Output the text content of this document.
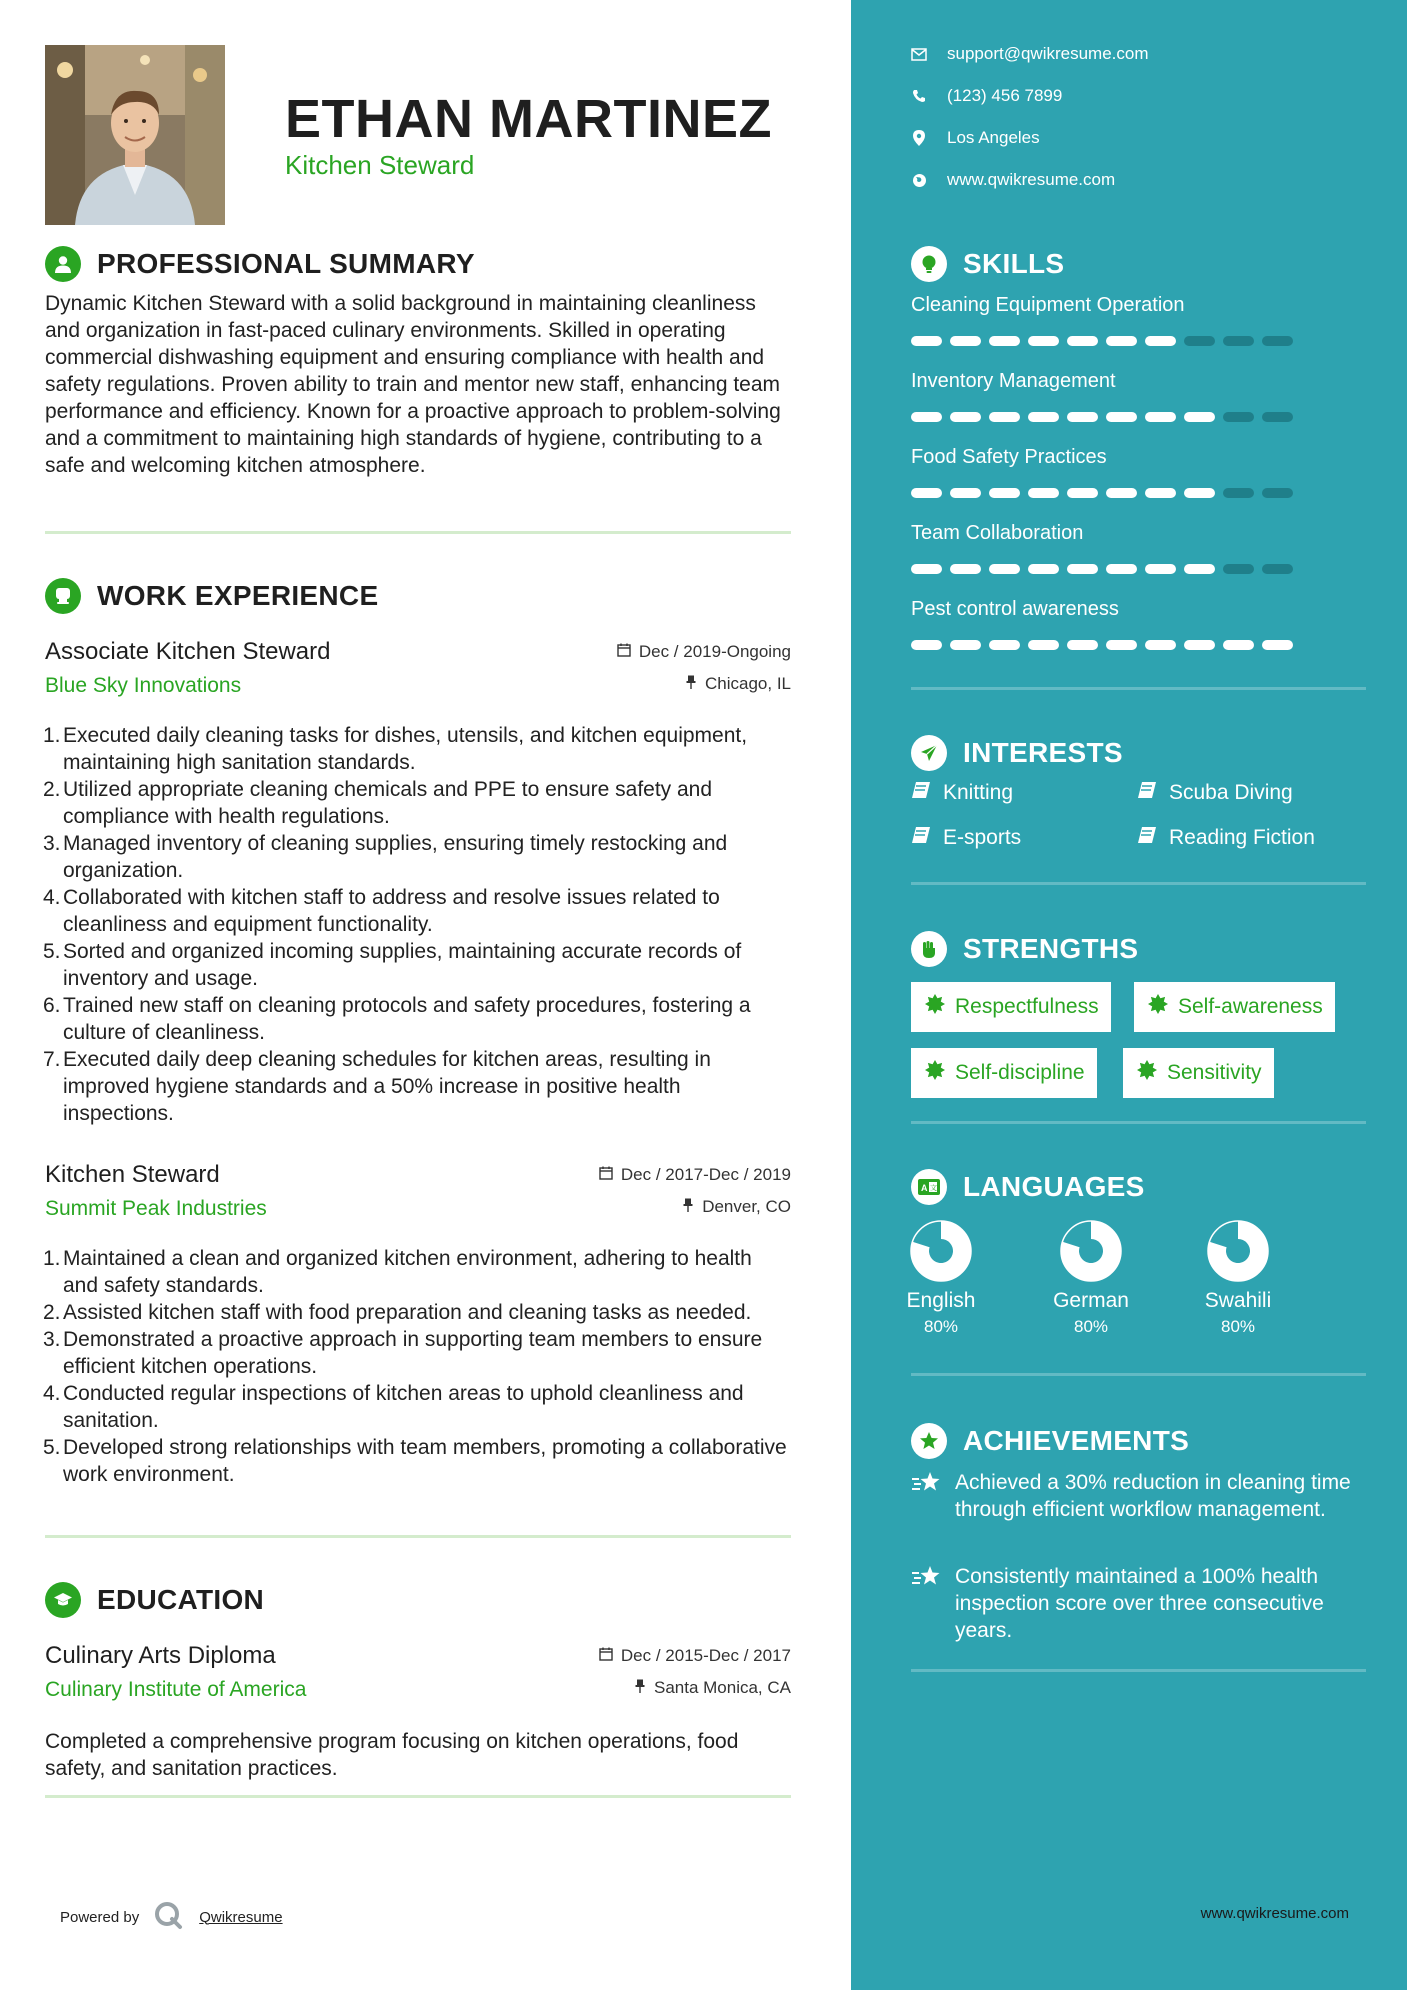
ETHAN MARTINEZ
Kitchen Steward
PROFESSIONAL SUMMARY
Dynamic Kitchen Steward with a solid background in maintaining cleanliness and organization in fast-paced culinary environments. Skilled in operating commercial dishwashing equipment and ensuring compliance with health and safety regulations. Proven ability to train and mentor new staff, enhancing team performance and efficiency. Known for a proactive approach to problem-solving and a commitment to maintaining high standards of hygiene, contributing to a safe and welcoming kitchen atmosphere.
WORK EXPERIENCE
Associate Kitchen Steward
Blue Sky Innovations
Dec / 2019-Ongoing
Chicago, IL
1. Executed daily cleaning tasks for dishes, utensils, and kitchen equipment, maintaining high sanitation standards.
2. Utilized appropriate cleaning chemicals and PPE to ensure safety and compliance with health regulations.
3. Managed inventory of cleaning supplies, ensuring timely restocking and organization.
4. Collaborated with kitchen staff to address and resolve issues related to cleanliness and equipment functionality.
5. Sorted and organized incoming supplies, maintaining accurate records of inventory and usage.
6. Trained new staff on cleaning protocols and safety procedures, fostering a culture of cleanliness.
7. Executed daily deep cleaning schedules for kitchen areas, resulting in improved hygiene standards and a 50% increase in positive health inspections.
Kitchen Steward
Summit Peak Industries
Dec / 2017-Dec / 2019
Denver, CO
1. Maintained a clean and organized kitchen environment, adhering to health and safety standards.
2. Assisted kitchen staff with food preparation and cleaning tasks as needed.
3. Demonstrated a proactive approach in supporting team members to ensure efficient kitchen operations.
4. Conducted regular inspections of kitchen areas to uphold cleanliness and sanitation.
5. Developed strong relationships with team members, promoting a collaborative work environment.
EDUCATION
Culinary Arts Diploma
Culinary Institute of America
Dec / 2015-Dec / 2017
Santa Monica, CA
Completed a comprehensive program focusing on kitchen operations, food safety, and sanitation practices.
Powered by	Qwikresume
support@qwikresume.com
(123) 456 7899
Los Angeles
www.qwikresume.com
SKILLS
Cleaning Equipment Operation
Inventory Management
Food Safety Practices
Team Collaboration
Pest control awareness
INTERESTS
Knitting	Scuba Diving
E-sports	Reading Fiction
STRENGTHS
Respectfulness	Self-awareness
Self-discipline	Sensitivity
A 文 LANGUAGES
English
80%
German
80%
Swahili
80%
ACHIEVEMENTS
Achieved a 30% reduction in cleaning time through efficient workflow management.
Consistently maintained a 100% health inspection score over three consecutive years.
www.qwikresume.com
